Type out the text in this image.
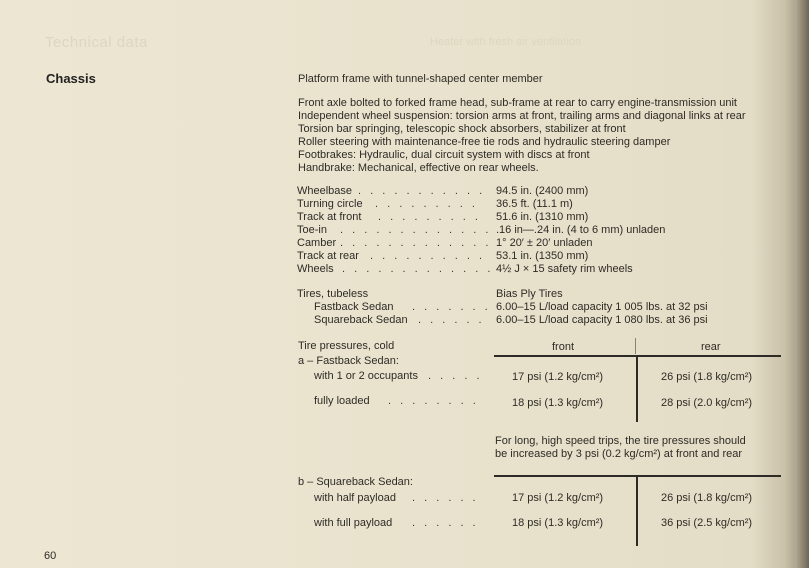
Technical data	Heater with fresh air ventilation
Chassis	Platform frame with tunnel-shaped center member
Front axle bolted to forked frame head, sub-frame at rear to carry engine-transmission unit
Independent wheel suspension: torsion arms at front, trailing arms and diagonal links at rear
Torsion bar springing, telescopic shock absorbers, stabilizer at front
Roller steering with maintenance-free tie rods and hydraulic steering damper
Footbrakes: Hydraulic, dual circuit system with discs at front
Handbrake: Mechanical, effective on rear wheels.
Wheelbase . . . . . . . . . . . 94.5 in. (2400 mm)
Turning circle . . . . . . . . . 36.5 ft. (11.1 m)
Track at front . . . . . . . . . 51.6 in. (1310 mm)
Toe-in . . . . . . . . . . . . . .16 in—.24 in. (4 to 6 mm) unladen
Camber . . . . . . . . . . . . . 1° 20′ ± 20′ unladen
Track at rear . . . . . . . . . . 53.1 in. (1350 mm)
Wheels . . . . . . . . . . . . . 4½ J × 15 safety rim wheels
Tires, tubeless	Bias Ply Tires
Fastback Sedan . . . . . . . 6.00–15 L/load capacity 1 005 lbs. at 32 psi
Squareback Sedan . . . . . . 6.00–15 L/load capacity 1 080 lbs. at 36 psi
Tire pressures, cold	front	rear
a – Fastback Sedan:
with 1 or 2 occupants . . . . .	17 psi (1.2 kg/cm²)	26 psi (1.8 kg/cm²)
fully loaded . . . . . . . .	18 psi (1.3 kg/cm²)	28 psi (2.0 kg/cm²)
For long, high speed trips, the tire pressures should
be increased by 3 psi (0.2 kg/cm²) at front and rear
b – Squareback Sedan:
with half payload . . . . . .	17 psi (1.2 kg/cm²)	26 psi (1.8 kg/cm²)
with full payload . . . . . .	18 psi (1.3 kg/cm²)	36 psi (2.5 kg/cm²)
60
